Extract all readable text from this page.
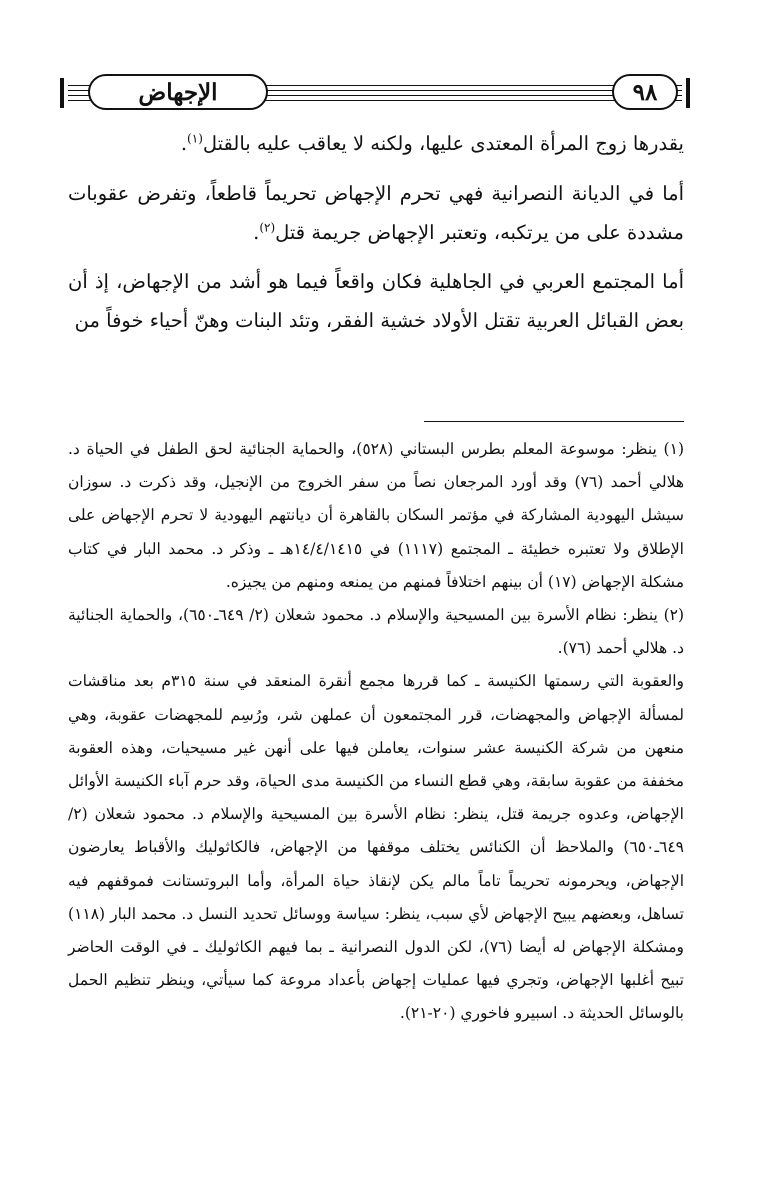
الإجهاض	٩٨

يقدرها زوج المرأة المعتدى عليها، ولكنه لا يعاقب عليه بالقتل$^{(١)}$.

أما في الديانة النصرانية فهي تحرم الإجهاض تحريماً قاطعاً، وتفرض عقوبات مشددة على من يرتكبه، وتعتبر الإجهاض جريمة قتل$^{(٢)}$.

أما المجتمع العربي في الجاهلية فكان واقعاً فيما هو أشد من الإجهاض، إذ أن بعض القبائل العربية تقتل الأولاد خشية الفقر، وتئد البنات وهنّ أحياء خوفاً من

(١) ينظر: موسوعة المعلم بطرس البستاني (٥٢٨)، والحماية الجنائية لحق الطفل في الحياة د. هلالي أحمد (٧٦) وقد أورد المرجعان نصاً من سفر الخروج من الإنجيل، وقد ذكرت د. سوزان سيشل اليهودية المشاركة في مؤتمر السكان بالقاهرة أن ديانتهم اليهودية لا تحرم الإجهاض على الإطلاق ولا تعتبره خطيئة ـ المجتمع (١١١٧) في ١٤/٤/١٤١٥هـ ـ وذكر د. محمد البار في كتاب مشكلة الإجهاض (١٧) أن بينهم اختلافاً فمنهم من يمنعه ومنهم من يجيزه.

(٢) ينظر: نظام الأسرة بين المسيحية والإسلام د. محمود شعلان (٢/ ٦٤٩ـ٦٥٠)، والحماية الجنائية د. هلالي أحمد (٧٦).

والعقوبة التي رسمتها الكنيسة ـ كما قررها مجمع أنقرة المنعقد في سنة ٣١٥م بعد مناقشات لمسألة الإجهاض والمجهضات، قرر المجتمعون أن عملهن شر، ورُسِم للمجهضات عقوبة، وهي منعهن من شركة الكنيسة عشر سنوات، يعاملن فيها على أنهن غير مسيحيات، وهذه العقوبة مخففة من عقوبة سابقة، وهي قطع النساء من الكنيسة مدى الحياة، وقد حرم آباء الكنيسة الأوائل الإجهاض، وعدوه جريمة قتل، ينظر: نظام الأسرة بين المسيحية والإسلام د. محمود شعلان (٢/ ٦٤٩ـ٦٥٠) والملاحظ أن الكنائس يختلف موقفها من الإجهاض، فالكاثوليك والأقباط يعارضون الإجهاض، ويحرمونه تحريماً تاماً مالم يكن لإنقاذ حياة المرأة، وأما البروتستانت فموقفهم فيه تساهل، وبعضهم يبيح الإجهاض لأي سبب، ينظر: سياسة ووسائل تحديد النسل د. محمد البار (١١٨) ومشكلة الإجهاض له أيضا (٧٦)، لكن الدول النصرانية ـ بما فيهم الكاثوليك ـ في الوقت الحاضر تبيح أغلبها الإجهاض، وتجري فيها عمليات إجهاض بأعداد مروعة كما سيأتي، وينظر تنظيم الحمل بالوسائل الحديثة د. اسبيرو فاخوري (٢٠-٢١).
